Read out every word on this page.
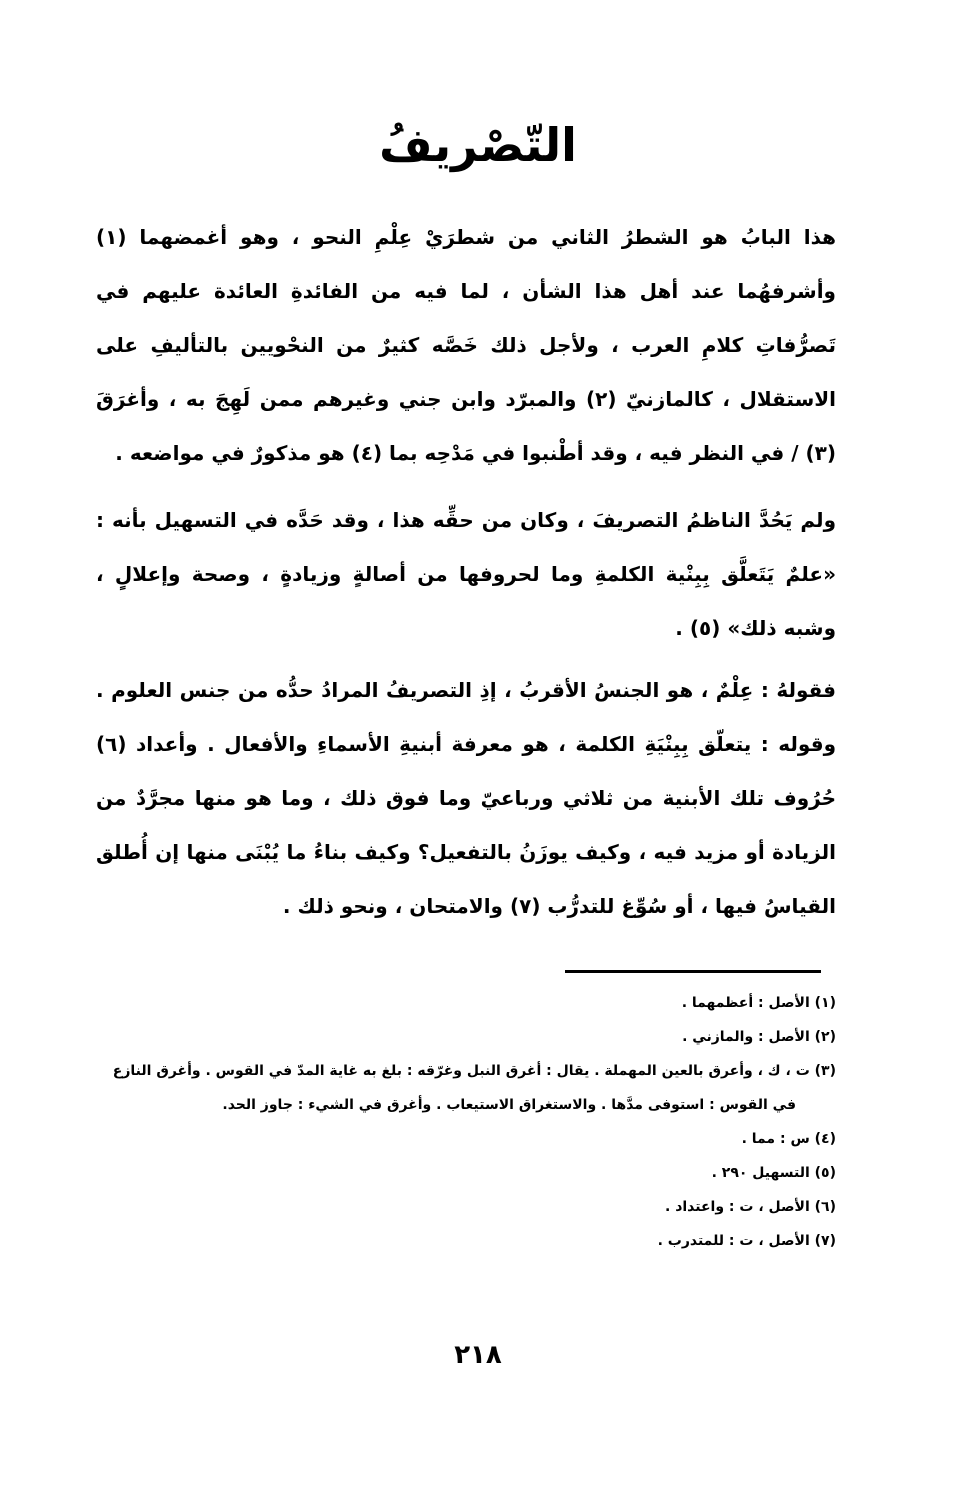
التّصْريفُ

هذا البابُ هو الشطرُ الثاني من شطرَيْ عِلْمِ النحو ، وهو أغمضهما (١) وأشرفهُما عند أهل هذا الشأن ، لما فيه من الفائدةِ العائدة عليهم في تَصرُّفاتِ كلامِ العرب ، ولأجل ذلك خَصَّه كثيرٌ من النحْويين بالتأليفِ على الاستقلال ، كالمازنيّ (٢) والمبرّد وابن جني وغيرهم ممن لَهِجَ به ، وأغرَقَ (٣) / في النظر فيه ، وقد أطْنبوا في مَدْحِه بما (٤) هو مذكورٌ في مواضعه .

ولم يَحُدَّ الناظمُ التصريفَ ، وكان من حقِّه هذا ، وقد حَدَّه في التسهيل بأنه : «علمٌ يَتَعلَّق بِبِنْية الكلمةِ وما لحروفها من أصالةٍ وزيادةٍ ، وصحة وإعلالٍ ، وشبه ذلك» (٥) .

فقولهُ : عِلْمٌ ، هو الجنسُ الأقربُ ، إذِ التصريفُ المرادُ حدُّه من جنس العلوم . وقوله : يتعلّق بِبِنْيَةِ الكلمة ، هو معرفة أبنيةِ الأسماءِ والأفعال . وأعداد (٦) حُرُوف تلك الأبنية من ثلاثي ورباعيّ وما فوق ذلك ، وما هو منها مجرَّدٌ من الزيادة أو مزيد فيه ، وكيف يوزَنُ بالتفعيل؟ وكيف بناءُ ما يُبْنَى منها إن أُطلق القياسُ فيها ، أو سُوِّغ للتدرُّب (٧) والامتحان ، ونحو ذلك .

(١) الأصل : أعظمهما .

(٢) الأصل : والمازني .

(٣) ت ، ك ، وأعرق بالعين المهملة . يقال : أغرق النبل وغرّقه : بلغ به غاية المدّ في القوس . وأغرق النازع

في القوس : استوفى مدَّها . والاستغراق الاستيعاب . وأغرق في الشيء : جاوز الحد.

(٤) س : مما .

(٥) التسهيل ٢٩٠ .

(٦) الأصل ، ت : واعتداد .

(٧) الأصل ، ت : للمتدرب .

٢١٨
